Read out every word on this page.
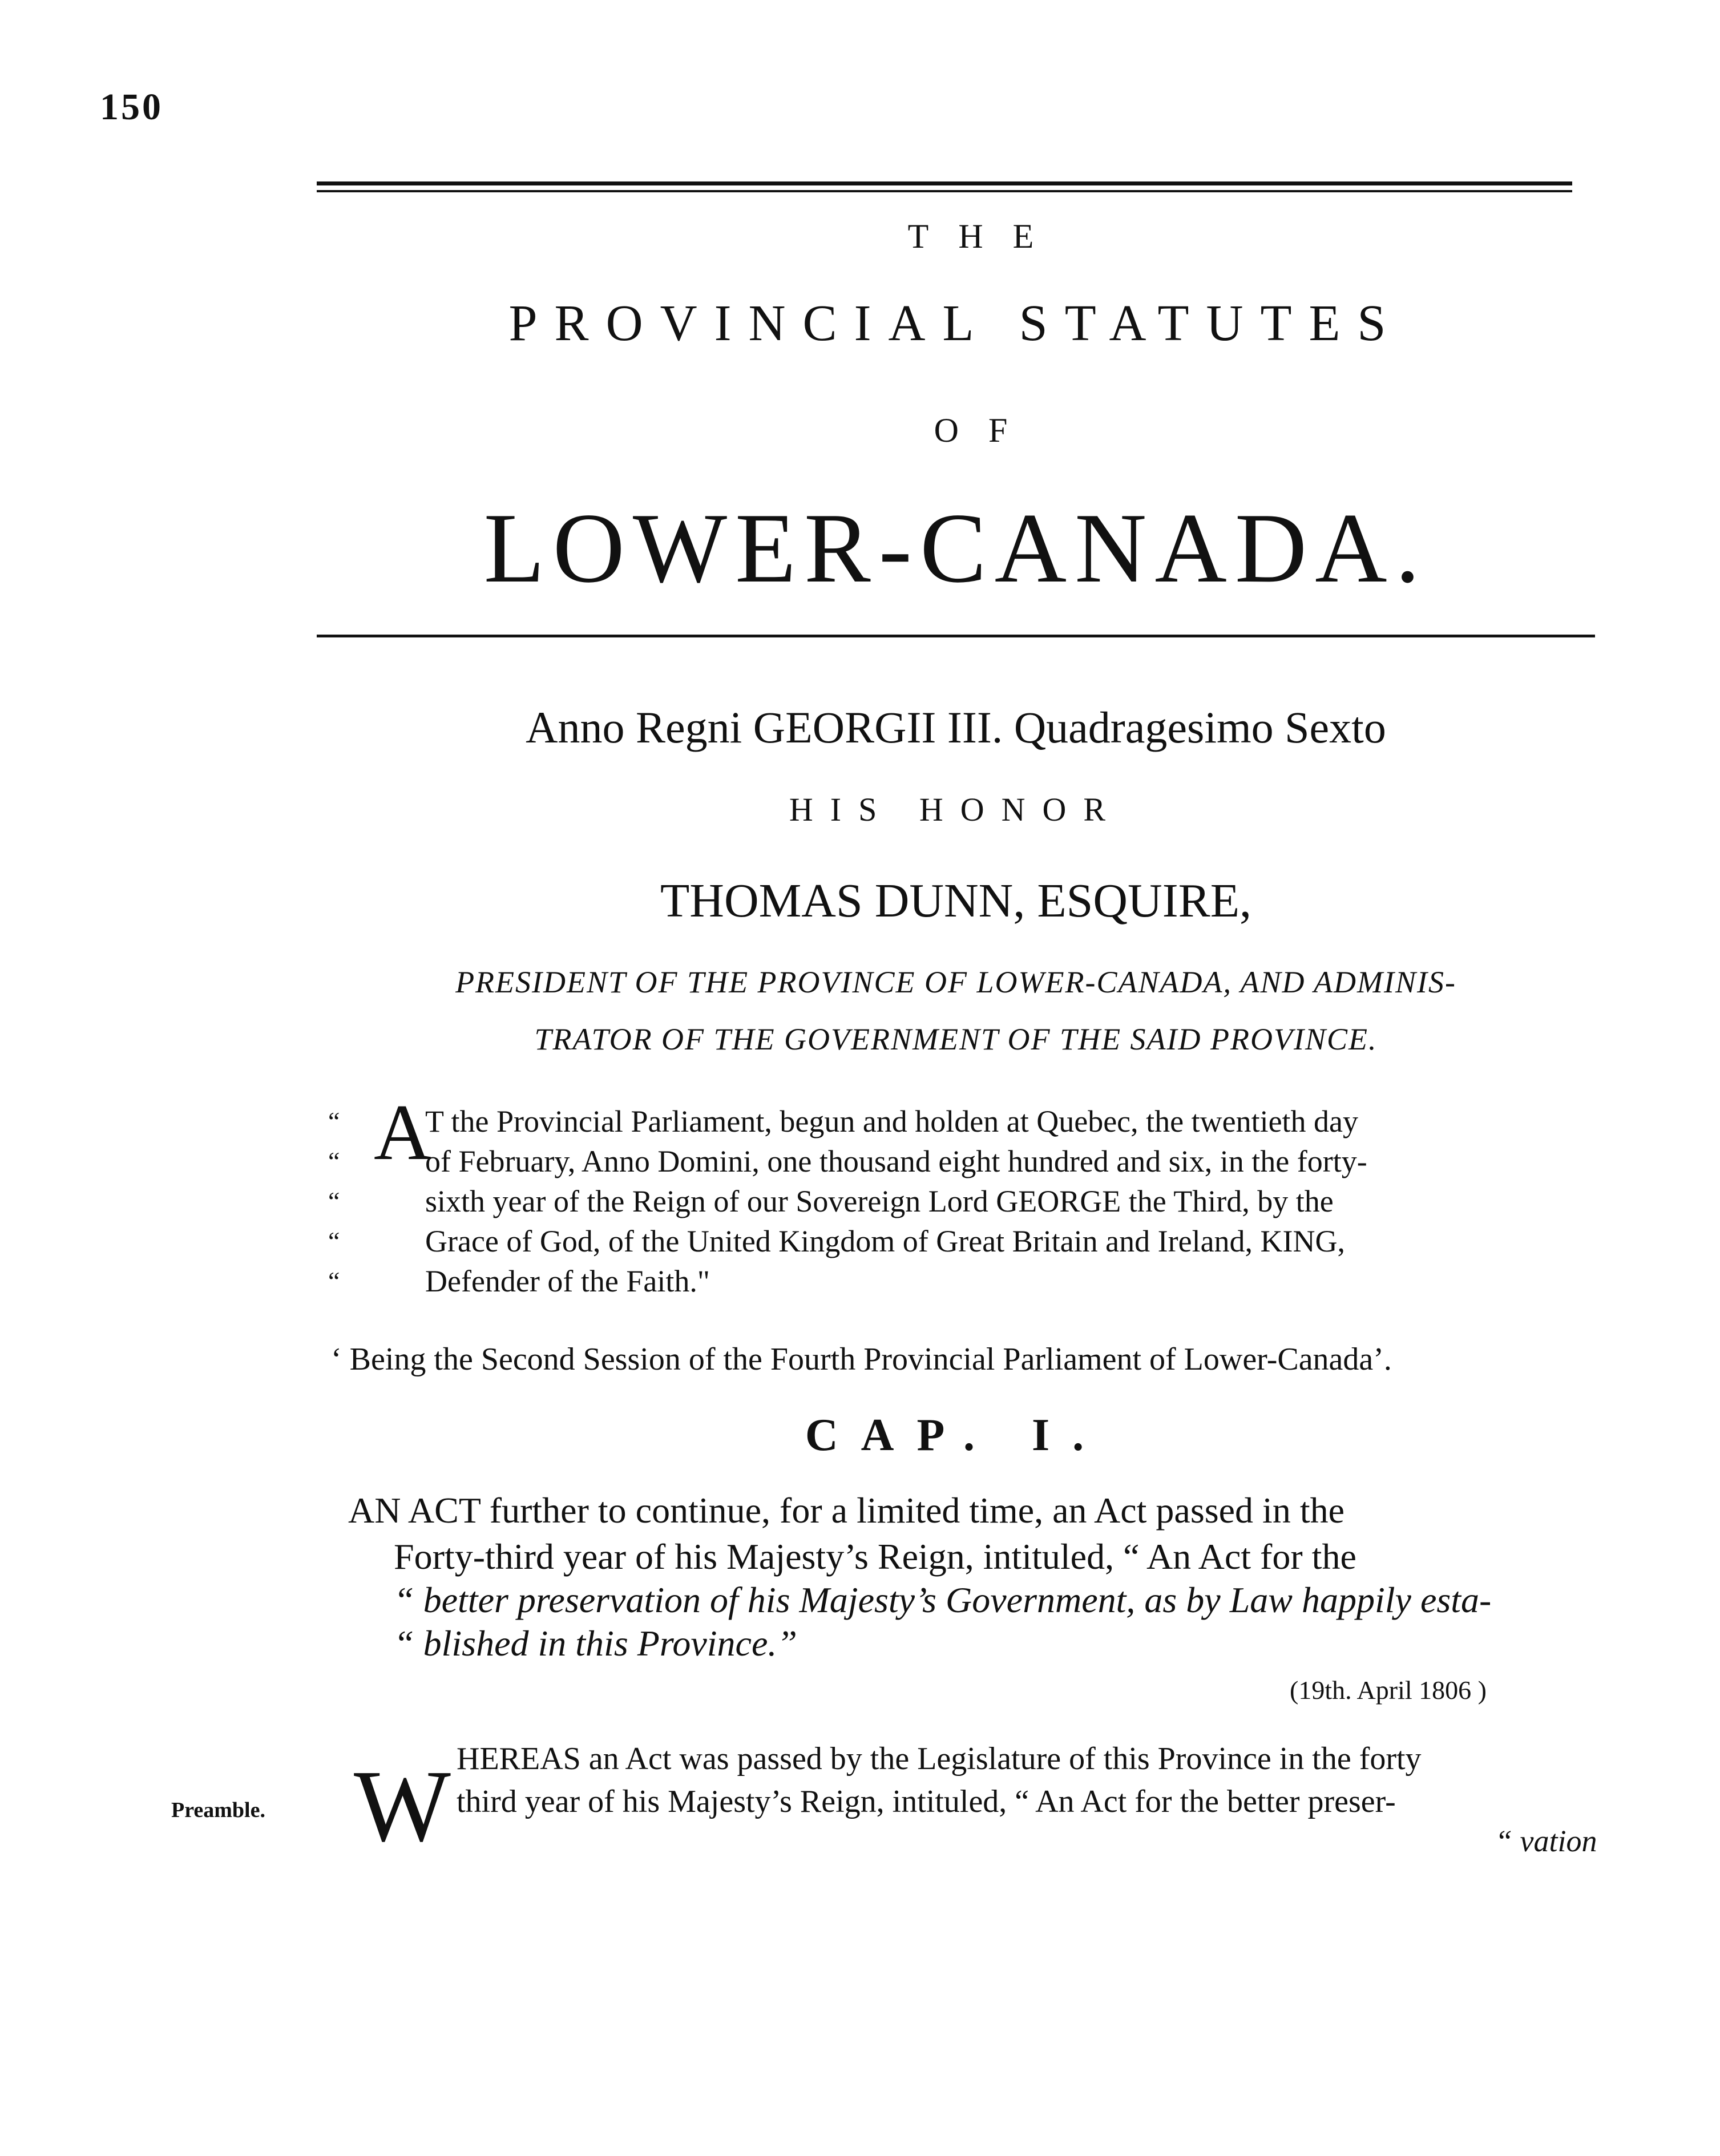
150
THE
PROVINCIAL STATUTES
OF
LOWER-CANADA.
Anno Regni GEORGII III. Quadragesimo Sexto
HIS HONOR
THOMAS DUNN, ESQUIRE,
PRESIDENT OF THE PROVINCE OF LOWER-CANADA, AND ADMINIS-
TRATOR OF THE GOVERNMENT OF THE SAID PROVINCE.
“
“
“
“
“
A
T the Provincial Parliament, begun and holden at Quebec, the twentieth day
of February, Anno Domini, one thousand eight hundred and six, in the forty-
sixth year of the Reign of our Sovereign Lord GEORGE the Third, by the
Grace of God, of the United Kingdom of Great Britain and Ireland, KING,
Defender of the Faith."
‘ Being the Second Session of the Fourth Provincial Parliament of Lower-Canada’.
CAP. I.
AN ACT further to continue, for a limited time, an Act passed in the
Forty-third year of his Majesty’s Reign, intituled, “ An Act for the
“ better preservation of his Majesty’s Government, as by Law happily esta-
“ blished in this Province.”
(19th. April 1806 )
Preamble. W HEREAS an Act was passed by the Legislature of this Province in the forty
third year of his Majesty’s Reign, intituled, “ An Act for the better preser-
“ vation
